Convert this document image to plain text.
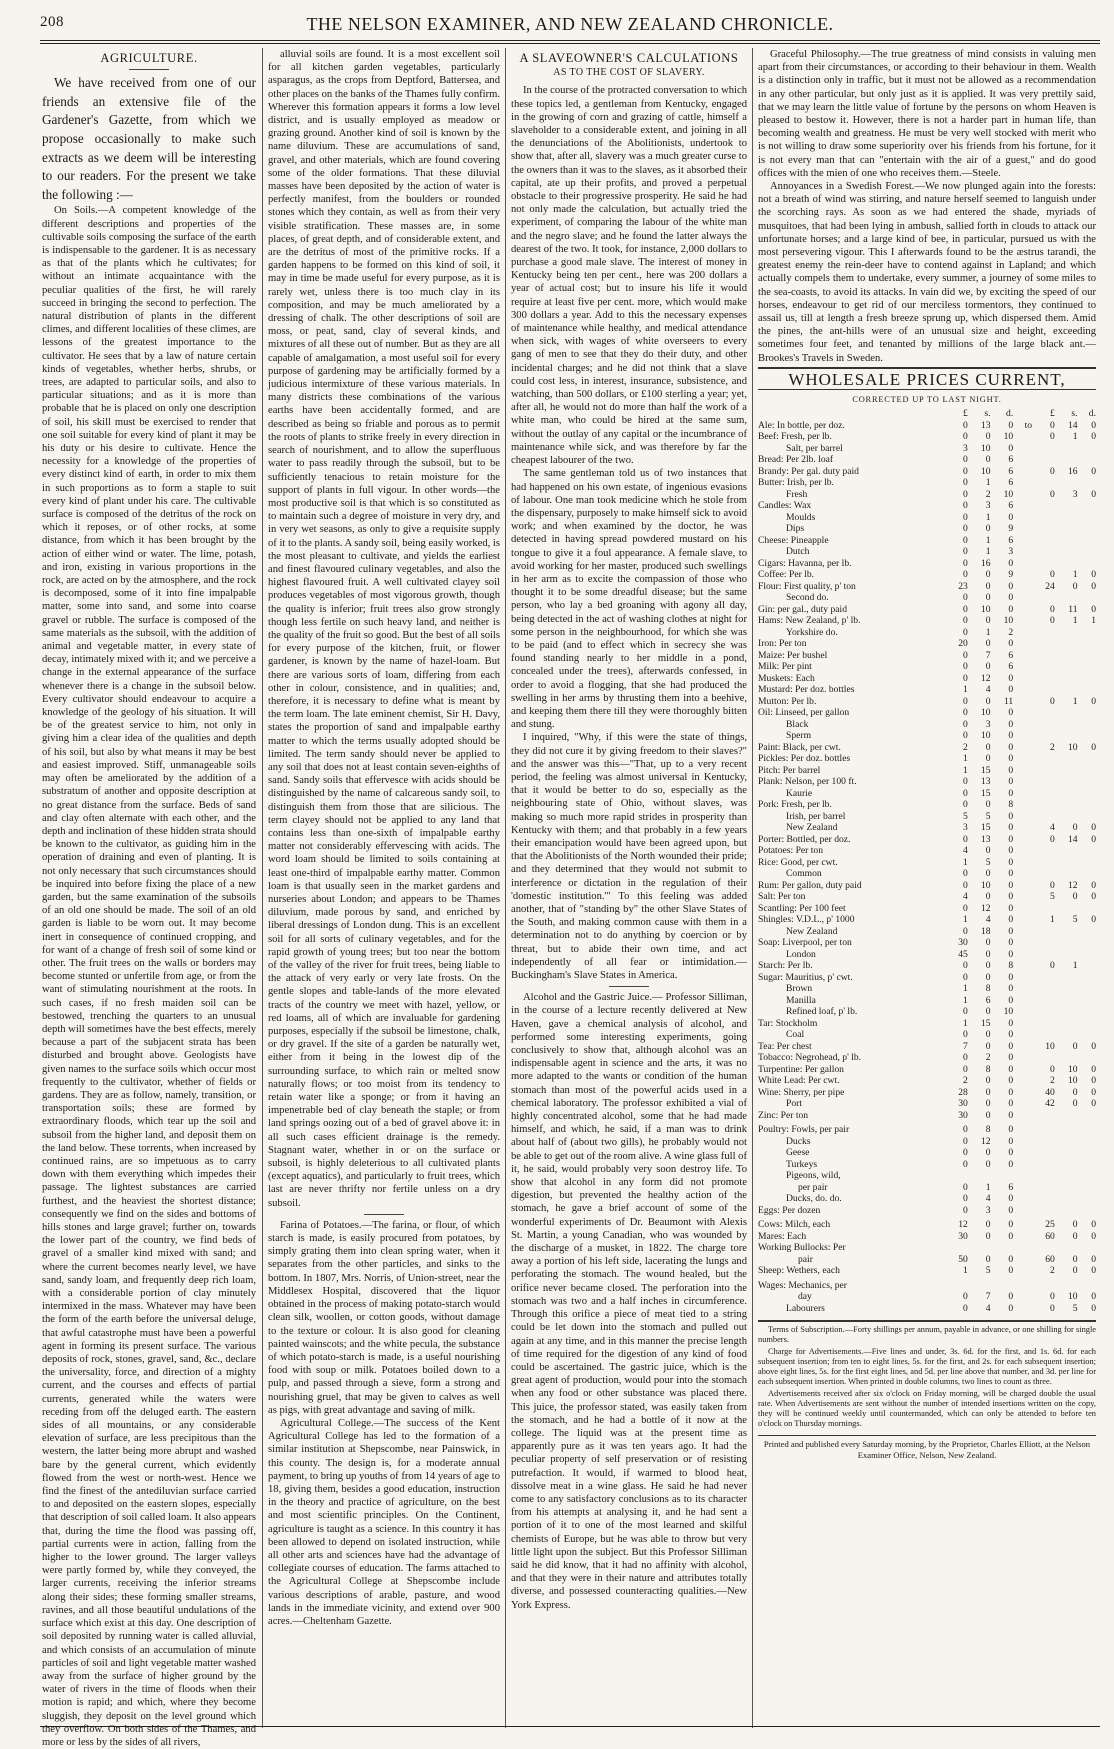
208	THE NELSON EXAMINER, AND NEW ZEALAND CHRONICLE.
AGRICULTURE.

We have received from one of our friends an extensive file of the Gardener's Gazette, from which we propose occasionally to make such extracts as we deem will be interesting to our readers. For the present we take the following :—

On Soils.—A competent knowledge of the different descriptions and properties of the cultivable soils composing the surface of the earth is indispensable to the gardener. It is as necessary as that of the plants which he cultivates; for without an intimate acquaintance with the peculiar qualities of the first, he will rarely succeed in bringing the second to perfection. The natural distribution of plants in the different climes, and different localities of these climes, are lessons of the greatest importance to the cultivator. He sees that by a law of nature certain kinds of vegetables, whether herbs, shrubs, or trees, are adapted to particular soils, and also to particular situations; and as it is more than probable that he is placed on only one description of soil, his skill must be exercised to render that one soil suitable for every kind of plant it may be his duty or his desire to cultivate. Hence the necessity for a knowledge of the properties of every distinct kind of earth, in order to mix them in such proportions as to form a staple to suit every kind of plant under his care. The cultivable surface is composed of the detritus of the rock on which it reposes, or of other rocks, at some distance, from which it has been brought by the action of either wind or water. The lime, potash, and iron, existing in various proportions in the rock, are acted on by the atmosphere, and the rock is decomposed, some of it into fine impalpable matter, some into sand, and some into coarse gravel or rubble. The surface is composed of the same materials as the subsoil, with the addition of animal and vegetable matter, in every state of decay, intimately mixed with it; and we perceive a change in the external appearance of the surface whenever there is a change in the subsoil below. Every cultivator should endeavour to acquire a knowledge of the geology of his situation. It will be of the greatest service to him, not only in giving him a clear idea of the qualities and depth of his soil, but also by what means it may be best and easiest improved. Stiff, unmanageable soils may often be ameliorated by the addition of a substratum of another and opposite description at no great distance from the surface. Beds of sand and clay often alternate with each other, and the depth and inclination of these hidden strata should be known to the cultivator, as guiding him in the operation of draining and even of planting. It is not only necessary that such circumstances should be inquired into before fixing the place of a new garden, but the same examination of the subsoils of an old one should be made. The soil of an old garden is liable to be worn out. It may become inert in consequence of continued cropping, and for want of a change of fresh soil of some kind or other. The fruit trees on the walls or borders may become stunted or unfertile from age, or from the want of stimulating nourishment at the roots. In such cases, if no fresh maiden soil can be bestowed, trenching the quarters to an unusual depth will sometimes have the best effects, merely because a part of the subjacent strata has been disturbed and brought above. Geologists have given names to the surface soils which occur most frequently to the cultivator, whether of fields or gardens. They are as follow, namely, transition, or transportation soils; these are formed by extraordinary floods, which tear up the soil and subsoil from the higher land, and deposit them on the land below. These torrents, when increased by continued rains, are so impetuous as to carry down with them everything which impedes their passage. The lightest substances are carried furthest, and the heaviest the shortest distance; consequently we find on the sides and bottoms of hills stones and large gravel; further on, towards the lower part of the country, we find beds of gravel of a smaller kind mixed with sand; and where the current becomes nearly level, we have sand, sandy loam, and frequently deep rich loam, with a considerable portion of clay minutely intermixed in the mass. Whatever may have been the form of the earth before the universal deluge, that awful catastrophe must have been a powerful agent in forming its present surface. The various deposits of rock, stones, gravel, sand, &c., declare the universality, force, and direction of a mighty current, and the courses and effects of partial currents, generated while the waters were receding from off the deluged earth. The eastern sides of all mountains, or any considerable elevation of surface, are less precipitous than the western, the latter being more abrupt and washed bare by the general current, which evidently flowed from the west or north-west. Hence we find the finest of the antediluvian surface carried to and deposited on the eastern slopes, especially that description of soil called loam. It also appears that, during the time the flood was passing off, partial currents were in action, falling from the higher to the lower ground. The larger valleys were partly formed by, while they conveyed, the larger currents, receiving the inferior streams along their sides; these forming smaller streams, ravines, and all those beautiful undulations of the surface which exist at this day. One description of soil deposited by running water is called alluvial, and which consists of an accumulation of minute particles of soil and light vegetable matter washed away from the surface of higher ground by the water of rivers in the time of floods when their motion is rapid; and which, where they become sluggish, they deposit on the level ground which they overflow. On both sides of the Thames, and more or less by the sides of all rivers,

alluvial soils are found. It is a most excellent soil for all kitchen garden vegetables, particularly asparagus, as the crops from Deptford, Battersea, and other places on the banks of the Thames fully confirm. Wherever this formation appears it forms a low level district, and is usually employed as meadow or grazing ground. Another kind of soil is known by the name diluvium. These are accumulations of sand, gravel, and other materials, which are found covering some of the older formations. That these diluvial masses have been deposited by the action of water is perfectly manifest, from the boulders or rounded stones which they contain, as well as from their very visible stratification. These masses are, in some places, of great depth, and of considerable extent, and are the detritus of most of the primitive rocks. If a garden happens to be formed on this kind of soil, it may in time be made useful for every purpose, as it is rarely wet, unless there is too much clay in its composition, and may be much ameliorated by a dressing of chalk. The other descriptions of soil are moss, or peat, sand, clay of several kinds, and mixtures of all these out of number. But as they are all capable of amalgamation, a most useful soil for every purpose of gardening may be artificially formed by a judicious intermixture of these various materials. In many districts these combinations of the various earths have been accidentally formed, and are described as being so friable and porous as to permit the roots of plants to strike freely in every direction in search of nourishment, and to allow the superfluous water to pass readily through the subsoil, but to be sufficiently tenacious to retain moisture for the support of plants in full vigour. In other words—the most productive soil is that which is so constituted as to maintain such a degree of moisture in very dry, and in very wet seasons, as only to give a requisite supply of it to the plants. A sandy soil, being easily worked, is the most pleasant to cultivate, and yields the earliest and finest flavoured culinary vegetables, and also the highest flavoured fruit. A well cultivated clayey soil produces vegetables of most vigorous growth, though the quality is inferior; fruit trees also grow strongly though less fertile on such heavy land, and neither is the quality of the fruit so good. But the best of all soils for every purpose of the kitchen, fruit, or flower gardener, is known by the name of hazel-loam. But there are various sorts of loam, differing from each other in colour, consistence, and in qualities; and, therefore, it is necessary to define what is meant by the term loam. The late eminent chemist, Sir H. Davy, states the proportion of sand and impalpable earthy matter to which the terms usually adopted should be limited. The term sandy should never be applied to any soil that does not at least contain seven-eighths of sand. Sandy soils that effervesce with acids should be distinguished by the name of calcareous sandy soil, to distinguish them from those that are silicious. The term clayey should not be applied to any land that contains less than one-sixth of impalpable earthy matter not considerably effervescing with acids. The word loam should be limited to soils containing at least one-third of impalpable earthy matter. Common loam is that usually seen in the market gardens and nurseries about London; and appears to be Thames diluvium, made porous by sand, and enriched by liberal dressings of London dung. This is an excellent soil for all sorts of culinary vegetables, and for the rapid growth of young trees; but too near the bottom of the valley of the river for fruit trees, being liable to the attack of very early or very late frosts. On the gentle slopes and table-lands of the more elevated tracts of the country we meet with hazel, yellow, or red loams, all of which are invaluable for gardening purposes, especially if the subsoil be limestone, chalk, or dry gravel. If the site of a garden be naturally wet, either from it being in the lowest dip of the surrounding surface, to which rain or melted snow naturally flows; or too moist from its tendency to retain water like a sponge; or from it having an impenetrable bed of clay beneath the staple; or from land springs oozing out of a bed of gravel above it: in all such cases efficient drainage is the remedy. Stagnant water, whether in or on the surface or subsoil, is highly deleterious to all cultivated plants (except aquatics), and particularly to fruit trees, which last are never thrifty nor fertile unless on a dry subsoil.

Farina of Potatoes.—The farina, or flour, of which starch is made, is easily procured from potatoes, by simply grating them into clean spring water, when it separates from the other particles, and sinks to the bottom. In 1807, Mrs. Norris, of Union-street, near the Middlesex Hospital, discovered that the liquor obtained in the process of making potato-starch would clean silk, woollen, or cotton goods, without damage to the texture or colour. It is also good for cleaning painted wainscots; and the white pecula, the substance of which potato-starch is made, is a useful nourishing food with soup or milk. Potatoes boiled down to a pulp, and passed through a sieve, form a strong and nourishing gruel, that may be given to calves as well as pigs, with great advantage and saving of milk.

Agricultural College.—The success of the Kent Agricultural College has led to the formation of a similar institution at Shepscombe, near Painswick, in this county. The design is, for a moderate annual payment, to bring up youths of from 14 years of age to 18, giving them, besides a good education, instruction in the theory and practice of agriculture, on the best and most scientific principles. On the Continent, agriculture is taught as a science. In this country it has been allowed to depend on isolated instruction, while all other arts and sciences have had the advantage of collegiate courses of education. The farms attached to the Agricultural College at Shepscombe include various descriptions of arable, pasture, and wood lands in the immediate vicinity, and extend over 900 acres.—Cheltenham Gazette.

A SLAVEOWNER'S CALCULATIONS
AS TO THE COST OF SLAVERY.

In the course of the protracted conversation to which these topics led, a gentleman from Kentucky, engaged in the growing of corn and grazing of cattle, himself a slaveholder to a considerable extent, and joining in all the denunciations of the Abolitionists, undertook to show that, after all, slavery was a much greater curse to the owners than it was to the slaves, as it absorbed their capital, ate up their profits, and proved a perpetual obstacle to their progressive prosperity. He said he had not only made the calculation, but actually tried the experiment, of comparing the labour of the white man and the negro slave; and he found the latter always the dearest of the two. It took, for instance, 2,000 dollars to purchase a good male slave. The interest of money in Kentucky being ten per cent., here was 200 dollars a year of actual cost; but to insure his life it would require at least five per cent. more, which would make 300 dollars a year. Add to this the necessary expenses of maintenance while healthy, and medical attendance when sick, with wages of white overseers to every gang of men to see that they do their duty, and other incidental charges; and he did not think that a slave could cost less, in interest, insurance, subsistence, and watching, than 500 dollars, or £100 sterling a year; yet, after all, he would not do more than half the work of a white man, who could be hired at the same sum, without the outlay of any capital or the incumbrance of maintenance while sick, and was therefore by far the cheapest labourer of the two.

The same gentleman told us of two instances that had happened on his own estate, of ingenious evasions of labour. One man took medicine which he stole from the dispensary, purposely to make himself sick to avoid work; and when examined by the doctor, he was detected in having spread powdered mustard on his tongue to give it a foul appearance. A female slave, to avoid working for her master, produced such swellings in her arm as to excite the compassion of those who thought it to be some dreadful disease; but the same person, who lay a bed groaning with agony all day, being detected in the act of washing clothes at night for some person in the neighbourhood, for which she was to be paid (and to effect which in secrecy she was found standing nearly to her middle in a pond, concealed under the trees), afterwards confessed, in order to avoid a flogging, that she had produced the swelling in her arms by thrusting them into a beehive, and keeping them there till they were thoroughly bitten and stung.

I inquired, "Why, if this were the state of things, they did not cure it by giving freedom to their slaves?" and the answer was this—"That, up to a very recent period, the feeling was almost universal in Kentucky, that it would be better to do so, especially as the neighbouring state of Ohio, without slaves, was making so much more rapid strides in prosperity than Kentucky with them; and that probably in a few years their emancipation would have been agreed upon, but that the Abolitionists of the North wounded their pride; and they determined that they would not submit to interference or dictation in the regulation of their 'domestic institution.'" To this feeling was added another, that of "standing by" the other Slave States of the South, and making common cause with them in a determination not to do anything by coercion or by threat, but to abide their own time, and act independently of all fear or intimidation.—Buckingham's Slave States in America.

Alcohol and the Gastric Juice.— Professor Silliman, in the course of a lecture recently delivered at New Haven, gave a chemical analysis of alcohol, and performed some interesting experiments, going conclusively to show that, although alcohol was an indispensable agent in science and the arts, it was no more adapted to the wants or condition of the human stomach than most of the powerful acids used in a chemical laboratory. The professor exhibited a vial of highly concentrated alcohol, some that he had made himself, and which, he said, if a man was to drink about half of (about two gills), he probably would not be able to get out of the room alive. A wine glass full of it, he said, would probably very soon destroy life. To show that alcohol in any form did not promote digestion, but prevented the healthy action of the stomach, he gave a brief account of some of the wonderful experiments of Dr. Beaumont with Alexis St. Martin, a young Canadian, who was wounded by the discharge of a musket, in 1822. The charge tore away a portion of his left side, lacerating the lungs and perforating the stomach. The wound healed, but the orifice never became closed. The perforation into the stomach was two and a half inches in circumference. Through this orifice a piece of meat tied to a string could be let down into the stomach and pulled out again at any time, and in this manner the precise length of time required for the digestion of any kind of food could be ascertained. The gastric juice, which is the great agent of production, would pour into the stomach when any food or other substance was placed there. This juice, the professor stated, was easily taken from the stomach, and he had a bottle of it now at the college. The liquid was at the present time as apparently pure as it was ten years ago. It had the peculiar property of self preservation or of resisting putrefaction. It would, if warmed to blood heat, dissolve meat in a wine glass. He said he had never come to any satisfactory conclusions as to its character from his attempts at analysing it, and he had sent a portion of it to one of the most learned and skilful chemists of Europe, but he was able to throw but very little light upon the subject. But this Professor Silliman said he did know, that it had no affinity with alcohol, and that they were in their nature and attributes totally diverse, and possessed counteracting qualities.—New York Express.

Graceful Philosophy.—The true greatness of mind consists in valuing men apart from their circumstances, or according to their behaviour in them. Wealth is a distinction only in traffic, but it must not be allowed as a recommendation in any other particular, but only just as it is applied. It was very prettily said, that we may learn the little value of fortune by the persons on whom Heaven is pleased to bestow it. However, there is not a harder part in human life, than becoming wealth and greatness. He must be very well stocked with merit who is not willing to draw some superiority over his friends from his fortune, for it is not every man that can "entertain with the air of a guest," and do good offices with the mien of one who receives them.—Steele.

Annoyances in a Swedish Forest.—We now plunged again into the forests: not a breath of wind was stirring, and nature herself seemed to languish under the scorching rays. As soon as we had entered the shade, myriads of musquitoes, that had been lying in ambush, sallied forth in clouds to attack our unfortunate horses; and a large kind of bee, in particular, pursued us with the most persevering vigour. This I afterwards found to be the æstrus tarandi, the greatest enemy the rein-deer have to contend against in Lapland; and which actually compels them to undertake, every summer, a journey of some miles to the sea-coasts, to avoid its attacks. In vain did we, by exciting the speed of our horses, endeavour to get rid of our merciless tormentors, they continued to assail us, till at length a fresh breeze sprung up, which dispersed them. Amid the pines, the ant-hills were of an unusual size and height, exceeding sometimes four feet, and tenanted by millions of the large black ant.—Brookes's Travels in Sweden.

WHOLESALE PRICES CURRENT,
CORRECTED UP TO LAST NIGHT.
	£	s.	d.		£	s.	d.
Ale: In bottle, per doz.	0	13	0	to	0	14	0
Beef: Fresh, per lb.	0	0	10		0	1	0
Salt, per barrel	3	10	0				
Bread: Per 2lb. loaf	0	0	6				
Brandy: Per gal. duty paid	0	10	6		0	16	0
Butter: Irish, per lb.	0	1	6				
Fresh	0	2	10		0	3	0
Candles: Wax	0	3	6				
Moulds	0	1	0				
Dips	0	0	9				
Cheese: Pineapple	0	1	6				
Dutch	0	1	3				
Cigars: Havanna, per lb.	0	16	0				
Coffee: Per lb.	0	0	9		0	1	0
Flour: First quality, p' ton	23	0	0		24	0	0
Second do.	0	0	0				
Gin: per gal., duty paid	0	10	0		0	11	0
Hams: New Zealand, p' lb.	0	0	10		0	1	1
Yorkshire do.	0	1	2				
Iron: Per ton	20	0	0				
Maize: Per bushel	0	7	6				
Milk: Per pint	0	0	6				
Muskets: Each	0	12	0				
Mustard: Per doz. bottles	1	4	0				
Mutton: Per lb.	0	0	11		0	1	0
Oil: Linseed, per gallon	0	10	0				
Black	0	3	0				
Sperm	0	10	0				
Paint: Black, per cwt.	2	0	0		2	10	0
Pickles: Per doz. bottles	1	0	0				
Pitch: Per barrel	1	15	0				
Plank: Nelson, per 100 ft.	0	13	0				
Kaurie	0	15	0				
Pork: Fresh, per lb.	0	0	8				
Irish, per barrel	5	5	0				
New Zealand	3	15	0		4	0	0
Porter: Bottled, per doz.	0	13	0		0	14	0
Potatoes: Per ton	4	0	0				
Rice: Good, per cwt.	1	5	0				
Common	0	0	0				
Rum: Per gallon, duty paid	0	10	0		0	12	0
Salt: Per ton	4	0	0		5	0	0
Scantling: Per 100 feet	0	12	0				
Shingles: V.D.L., p' 1000	1	4	0		1	5	0
New Zealand	0	18	0				
Soap: Liverpool, per ton	30	0	0				
London	45	0	0				
Starch: Per lb.	0	0	8		0	1	
Sugar: Mauritius, p' cwt.	0	0	0				
Brown	1	8	0				
Manilla	1	6	0				
Refined loaf, p' lb.	0	0	10				
Tar: Stockholm	1	15	0				
Coal	0	0	0				
Tea: Per chest	7	0	0		10	0	0
Tobacco: Negrohead, p' lb.	0	2	0				
Turpentine: Per gallon	0	8	0		0	10	0
White Lead: Per cwt.	2	0	0		2	10	0
Wine: Sherry, per pipe	28	0	0		40	0	0
Port	30	0	0		42	0	0
Zinc: Per ton	30	0	0				
Poultry: Fowls, per pair	0	8	0				
Ducks	0	12	0				
Geese	0	0	0				
Turkeys	0	0	0				
Pigeons, wild,							
per pair	0	1	6				
Ducks, do. do.	0	4	0				
Eggs: Per dozen	0	3	0				
Cows: Milch, each	12	0	0		25	0	0
Mares: Each	30	0	0		60	0	0
Working Bullocks: Per							
pair	50	0	0		60	0	0
Sheep: Wethers, each	1	5	0		2	0	0
Wages: Mechanics, per							
day	0	7	0		0	10	0
Labourers	0	4	0		0	5	0

Terms of Subscription.—Forty shillings per annum, payable in advance, or one shilling for single numbers.

Charge for Advertisements.—Five lines and under, 3s. 6d. for the first, and 1s. 6d. for each subsequent insertion; from ten to eight lines, 5s. for the first, and 2s. for each subsequent insertion; above eight lines, 5s. for the first eight lines, and 5d. per line above that number, and 3d. per line for each subsequent insertion. When printed in double columns, two lines to count as three.

Advertisements received after six o'clock on Friday morning, will be charged double the usual rate. When Advertisements are sent without the number of intended insertions written on the copy, they will be continued weekly until countermanded, which can only be attended to before ten o'clock on Thursday mornings.

Printed and published every Saturday morning, by the Proprietor, Charles Elliott, at the Nelson Examiner Office, Nelson, New Zealand.
